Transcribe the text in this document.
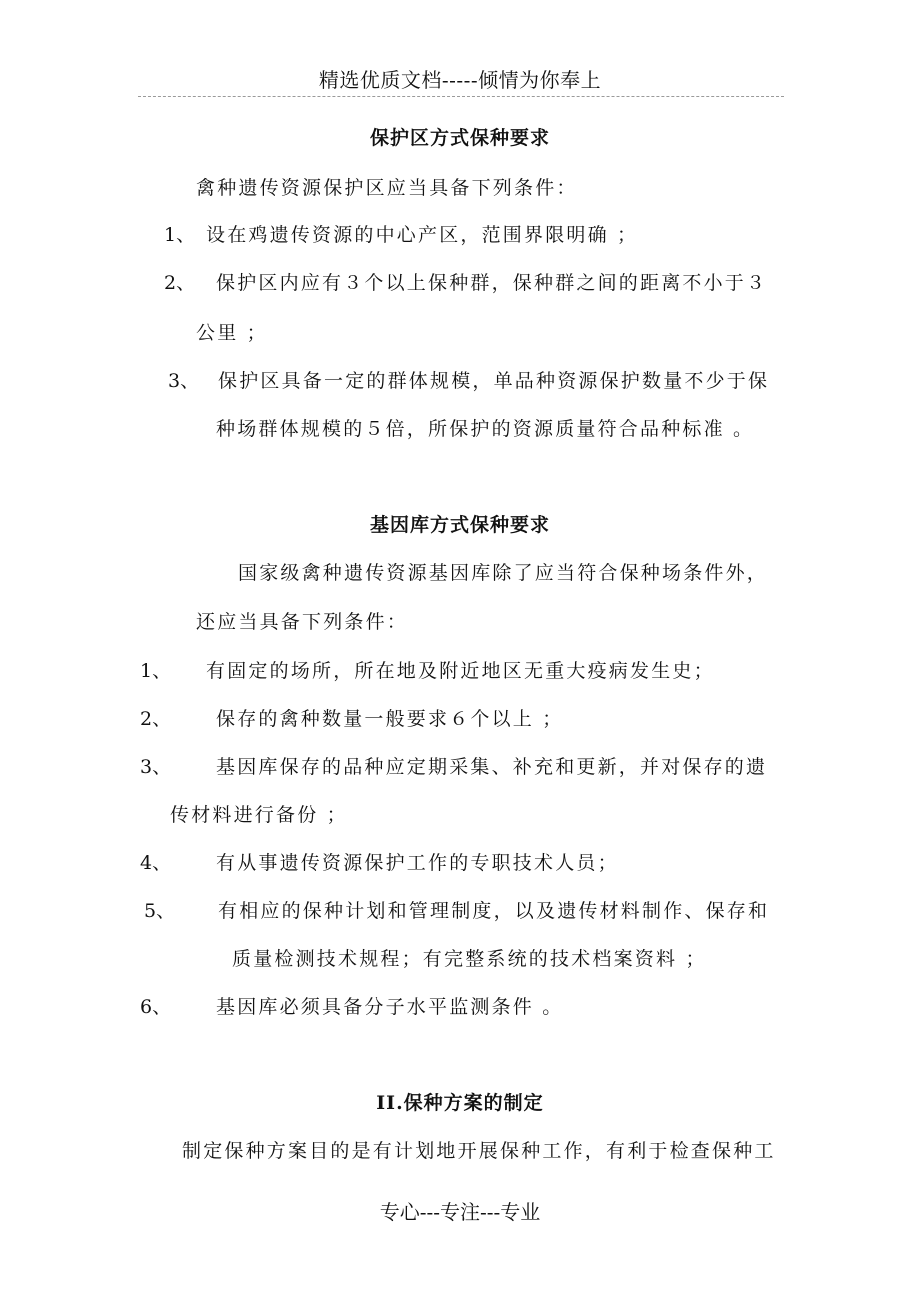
精选优质文档-----倾情为你奉上
保护区方式保种要求
禽种遗传资源保护区应当具备下列条件：
1、 设在鸡遗传资源的中心产区，范围界限明确 ；
2、 保护区内应有３个以上保种群，保种群之间的距离不小于３
公里 ；
3、 保护区具备一定的群体规模，单品种资源保护数量不少于保
种场群体规模的５倍，所保护的资源质量符合品种标准 。
基因库方式保种要求
国家级禽种遗传资源基因库除了应当符合保种场条件外，
还应当具备下列条件：
1、 有固定的场所，所在地及附近地区无重大疫病发生史；
2、 保存的禽种数量一般要求６个以上 ；
3、 基因库保存的品种应定期采集、补充和更新，并对保存的遗
传材料进行备份 ；
4、 有从事遗传资源保护工作的专职技术人员；
5、 有相应的保种计划和管理制度，以及遗传材料制作、保存和
质量检测技术规程；有完整系统的技术档案资料 ；
6、 基因库必须具备分子水平监测条件 。
II.保种方案的制定
制定保种方案目的是有计划地开展保种工作，有利于检查保种工
专心---专注---专业
